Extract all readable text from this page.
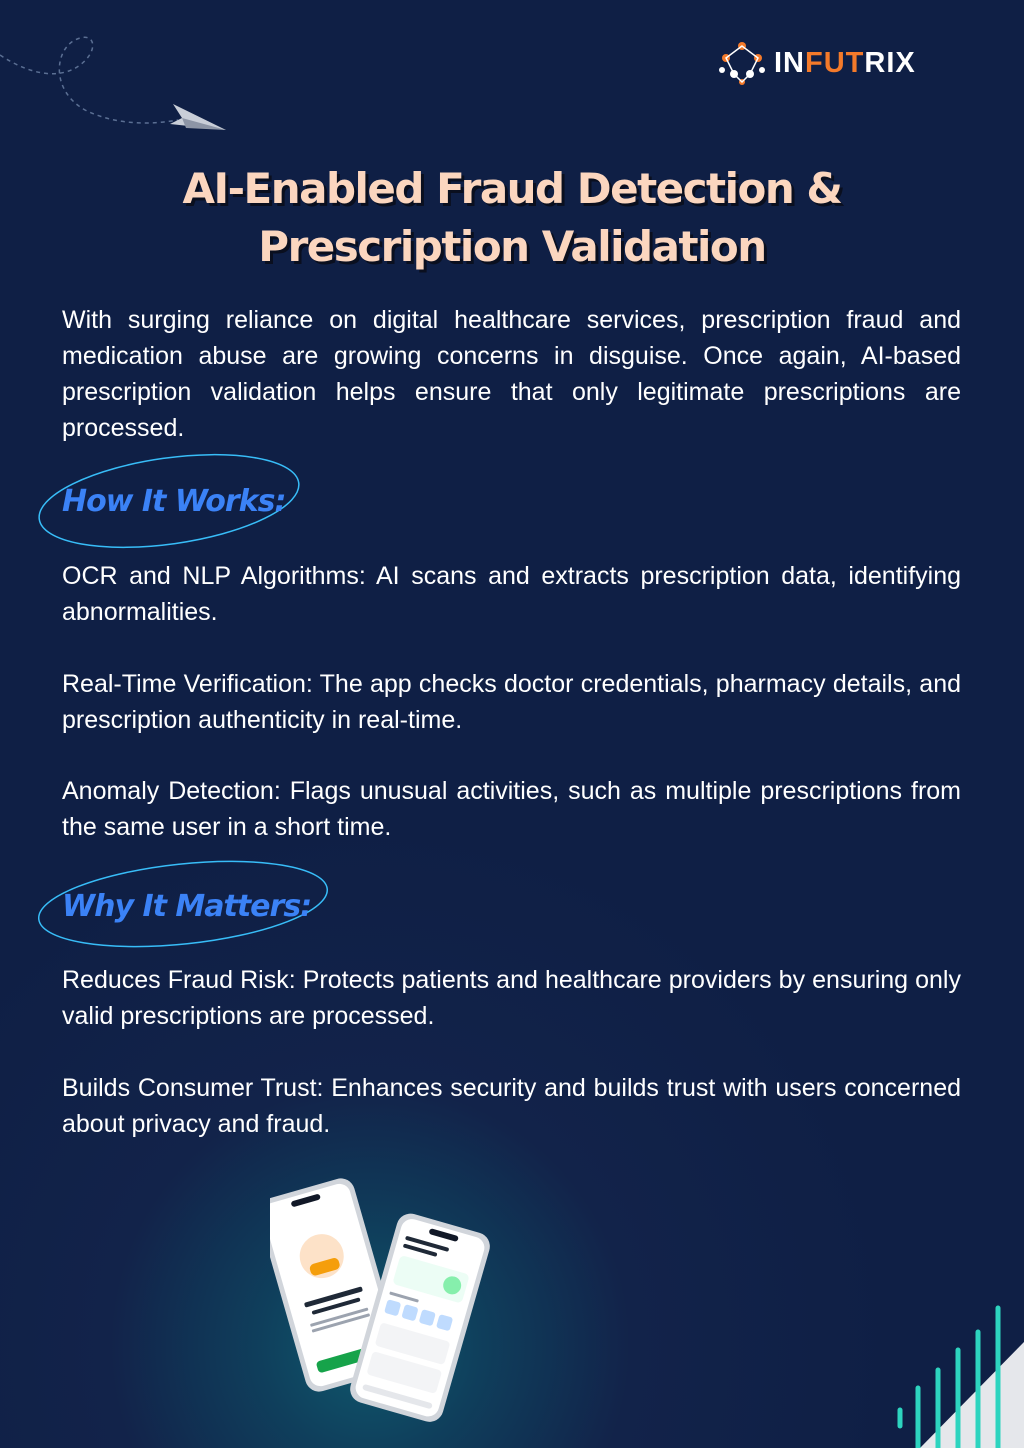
INFUTRIX
AI-Enabled Fraud Detection & Prescription Validation

With surging reliance on digital healthcare services, prescription fraud and medication abuse are growing concerns in disguise. Once again, AI-based prescription validation helps ensure that only legitimate prescriptions are processed.

How It Works:

OCR and NLP Algorithms: AI scans and extracts prescription data, identifying abnormalities.

Real-Time Verification: The app checks doctor credentials, pharmacy details, and prescription authenticity in real-time.

Anomaly Detection: Flags unusual activities, such as multiple prescriptions from the same user in a short time.

Why It Matters:

Reduces Fraud Risk: Protects patients and healthcare providers by ensuring only valid prescriptions are processed.

Builds Consumer Trust: Enhances security and builds trust with users concerned about privacy and fraud.
